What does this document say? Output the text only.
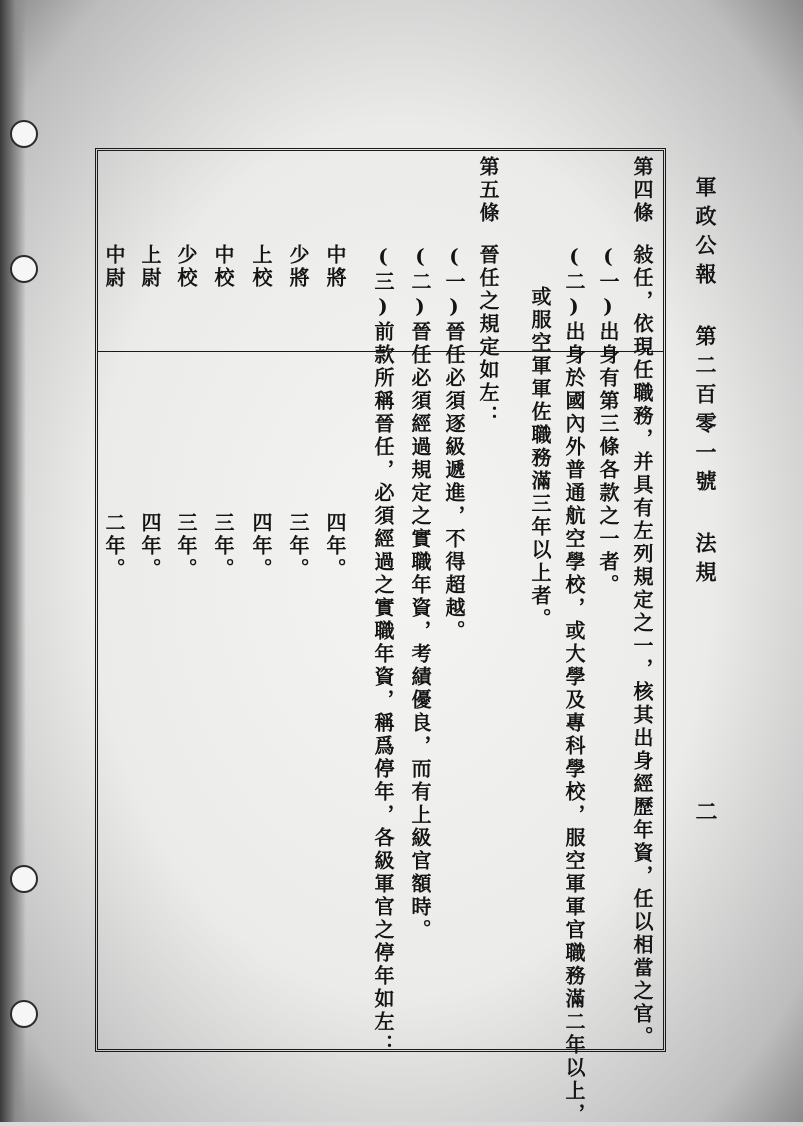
軍政公報 第二百零一號 法規
二
第四條
敍任，依現任職務，并具有左列規定之一，核其出身經歷年資，任以相當之官。
(一)出身有第三條各款之一者。
(二)出身於國內外普通航空學校，或大學及專科學校，服空軍軍官職務滿二年以上，
或服空軍軍佐職務滿三年以上者。
第五條
晉任之規定如左：
(一)晉任必須逐級遞進，不得超越。
(二)晉任必須經過規定之實職年資，考績優良，而有上級官額時。
(三)前款所稱晉任，必須經過之實職年資，稱爲停年，各級軍官之停年如左：
中將
四年。
少將
三年。
上校
四年。
中校
三年。
少校
三年。
上尉
四年。
中尉
二年。
